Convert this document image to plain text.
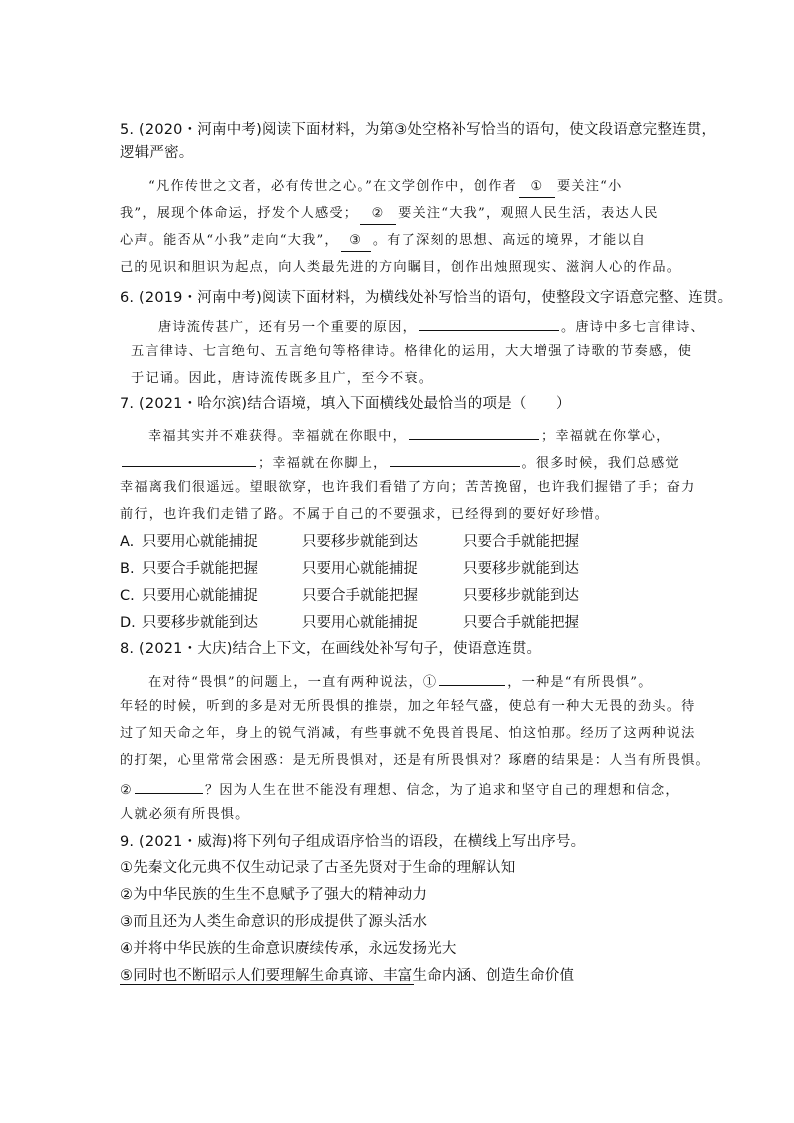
5. (2020・河南中考)阅读下面材料，为第③处空格补写恰当的语句，使文段语意完整连贯，
逻辑严密。
“凡作传世之文者，必有传世之心。”在文学创作中，创作者 ① 要关注“小
我”，展现个体命运，抒发个人感受； ② 要关注“大我”，观照人民生活，表达人民
心声。能否从“小我”走向“大我”， ③ 。有了深刻的思想、高远的境界，才能以自
己的见识和胆识为起点，向人类最先进的方向瞩目，创作出烛照现实、滋润人心的作品。
6. (2019・河南中考)阅读下面材料，为横线处补写恰当的语句，使整段文字语意完整、连贯。
唐诗流传甚广，还有另一个重要的原因，	。唐诗中多七言律诗、
五言律诗、七言绝句、五言绝句等格律诗。格律化的运用，大大增强了诗歌的节奏感，使
于记诵。因此，唐诗流传既多且广，至今不衰。
7. (2021・哈尔滨)结合语境，填入下面横线处最恰当的项是（　　）
幸福其实并不难获得。幸福就在你眼中，	；幸福就在你掌心，
；幸福就在你脚上，	。很多时候，我们总感觉
幸福离我们很遥远。望眼欲穿，也许我们看错了方向；苦苦挽留，也许我们握错了手；奋力
前行，也许我们走错了路。不属于自己的不要强求，已经得到的要好好珍惜。
A. 只要用心就能捕捉	只要移步就能到达	只要合手就能把握
B. 只要合手就能把握	只要用心就能捕捉	只要移步就能到达
C. 只要用心就能捕捉	只要合手就能把握	只要移步就能到达
D. 只要移步就能到达	只要用心就能捕捉	只要合手就能把握
8. (2021・大庆)结合上下文，在画线处补写句子，使语意连贯。
在对待“畏惧”的问题上，一直有两种说法，①	，一种是“有所畏惧”。
年轻的时候，听到的多是对无所畏惧的推崇，加之年轻气盛，使总有一种大无畏的劲头。待
过了知天命之年，身上的锐气消减，有些事就不免畏首畏尾、怕这怕那。经历了这两种说法
的打架，心里常常会困惑：是无所畏惧对，还是有所畏惧对？琢磨的结果是：人当有所畏惧。
②	？因为人生在世不能没有理想、信念，为了追求和坚守自己的理想和信念，
人就必须有所畏惧。
9. (2021・威海)将下列句子组成语序恰当的语段，在横线上写出序号。
①先秦文化元典不仅生动记录了古圣先贤对于生命的理解认知
②为中华民族的生生不息赋予了强大的精神动力
③而且还为人类生命意识的形成提供了源头活水
④并将中华民族的生命意识赓续传承，永远发扬光大
⑤同时也不断昭示人们要理解生命真谛、丰富生命内涵、创造生命价值
